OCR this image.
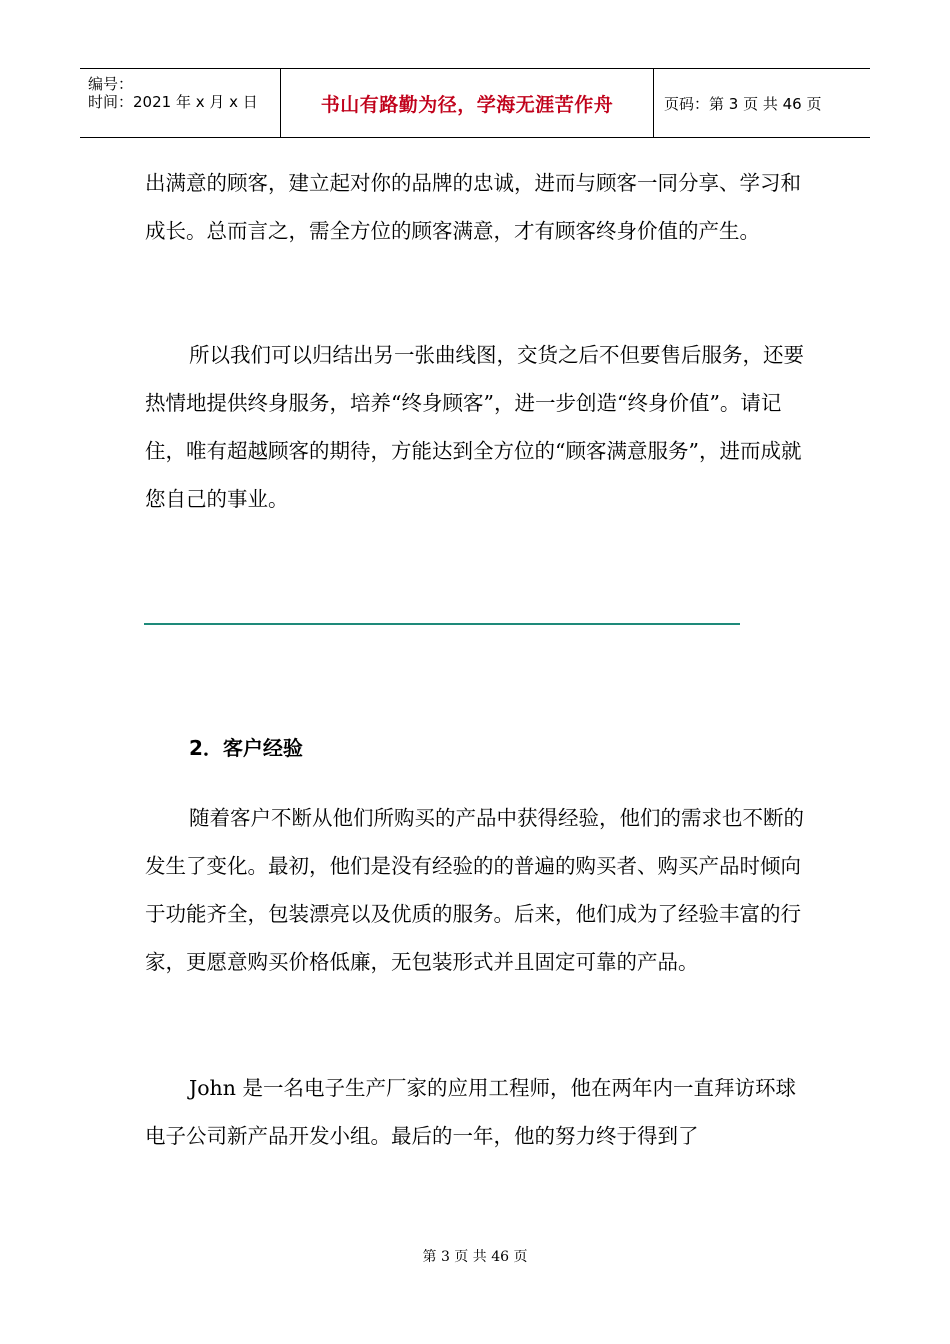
编号：
时间：2021 年 x 月 x 日	书山有路勤为径，学海无涯苦作舟	页码：第 3 页 共 46 页

出满意的顾客，建立起对你的品牌的忠诚，进而与顾客一同分享、学习和成长。总而言之，需全方位的顾客满意，才有顾客终身价值的产生。

所以我们可以归结出另一张曲线图，交货之后不但要售后服务，还要热情地提供终身服务，培养“终身顾客”，进一步创造“终身价值”。请记住，唯有超越顾客的期待，方能达到全方位的“顾客满意服务”，进而成就您自己的事业。

2．客户经验

随着客户不断从他们所购买的产品中获得经验，他们的需求也不断的发生了变化。最初，他们是没有经验的的普遍的购买者、购买产品时倾向于功能齐全，包装漂亮以及优质的服务。后来，他们成为了经验丰富的行家，更愿意购买价格低廉，无包装形式并且固定可靠的产品。

John 是一名电子生产厂家的应用工程师，他在两年内一直拜访环球电子公司新产品开发小组。最后的一年，他的努力终于得到了

第 3 页 共 46 页
